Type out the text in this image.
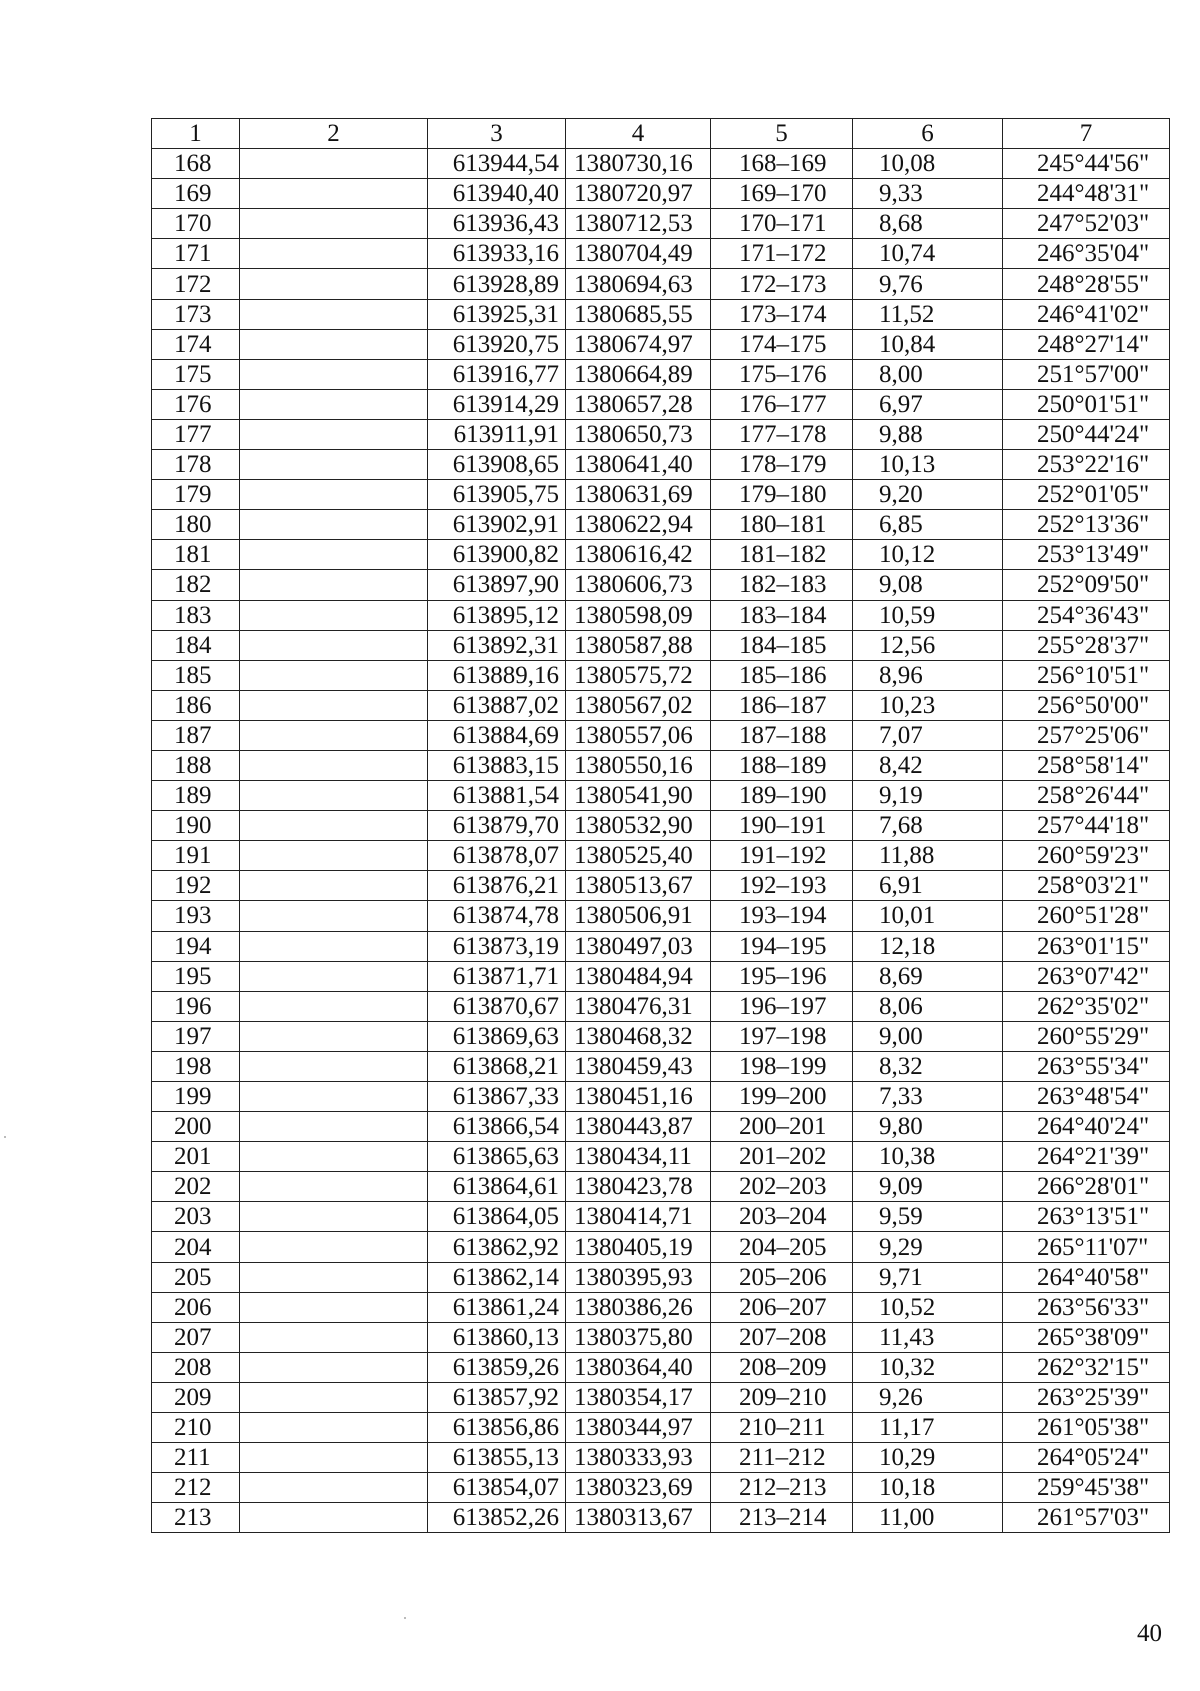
1	2	3	4	5	6	7
168		613944,54	1380730,16	168–169	10,08	245°44'56"
169		613940,40	1380720,97	169–170	9,33	244°48'31"
170		613936,43	1380712,53	170–171	8,68	247°52'03"
171		613933,16	1380704,49	171–172	10,74	246°35'04"
172		613928,89	1380694,63	172–173	9,76	248°28'55"
173		613925,31	1380685,55	173–174	11,52	246°41'02"
174		613920,75	1380674,97	174–175	10,84	248°27'14"
175		613916,77	1380664,89	175–176	8,00	251°57'00"
176		613914,29	1380657,28	176–177	6,97	250°01'51"
177		613911,91	1380650,73	177–178	9,88	250°44'24"
178		613908,65	1380641,40	178–179	10,13	253°22'16"
179		613905,75	1380631,69	179–180	9,20	252°01'05"
180		613902,91	1380622,94	180–181	6,85	252°13'36"
181		613900,82	1380616,42	181–182	10,12	253°13'49"
182		613897,90	1380606,73	182–183	9,08	252°09'50"
183		613895,12	1380598,09	183–184	10,59	254°36'43"
184		613892,31	1380587,88	184–185	12,56	255°28'37"
185		613889,16	1380575,72	185–186	8,96	256°10'51"
186		613887,02	1380567,02	186–187	10,23	256°50'00"
187		613884,69	1380557,06	187–188	7,07	257°25'06"
188		613883,15	1380550,16	188–189	8,42	258°58'14"
189		613881,54	1380541,90	189–190	9,19	258°26'44"
190		613879,70	1380532,90	190–191	7,68	257°44'18"
191		613878,07	1380525,40	191–192	11,88	260°59'23"
192		613876,21	1380513,67	192–193	6,91	258°03'21"
193		613874,78	1380506,91	193–194	10,01	260°51'28"
194		613873,19	1380497,03	194–195	12,18	263°01'15"
195		613871,71	1380484,94	195–196	8,69	263°07'42"
196		613870,67	1380476,31	196–197	8,06	262°35'02"
197		613869,63	1380468,32	197–198	9,00	260°55'29"
198		613868,21	1380459,43	198–199	8,32	263°55'34"
199		613867,33	1380451,16	199–200	7,33	263°48'54"
200		613866,54	1380443,87	200–201	9,80	264°40'24"
201		613865,63	1380434,11	201–202	10,38	264°21'39"
202		613864,61	1380423,78	202–203	9,09	266°28'01"
203		613864,05	1380414,71	203–204	9,59	263°13'51"
204		613862,92	1380405,19	204–205	9,29	265°11'07"
205		613862,14	1380395,93	205–206	9,71	264°40'58"
206		613861,24	1380386,26	206–207	10,52	263°56'33"
207		613860,13	1380375,80	207–208	11,43	265°38'09"
208		613859,26	1380364,40	208–209	10,32	262°32'15"
209		613857,92	1380354,17	209–210	9,26	263°25'39"
210		613856,86	1380344,97	210–211	11,17	261°05'38"
211		613855,13	1380333,93	211–212	10,29	264°05'24"
212		613854,07	1380323,69	212–213	10,18	259°45'38"
213		613852,26	1380313,67	213–214	11,00	261°57'03"
40
